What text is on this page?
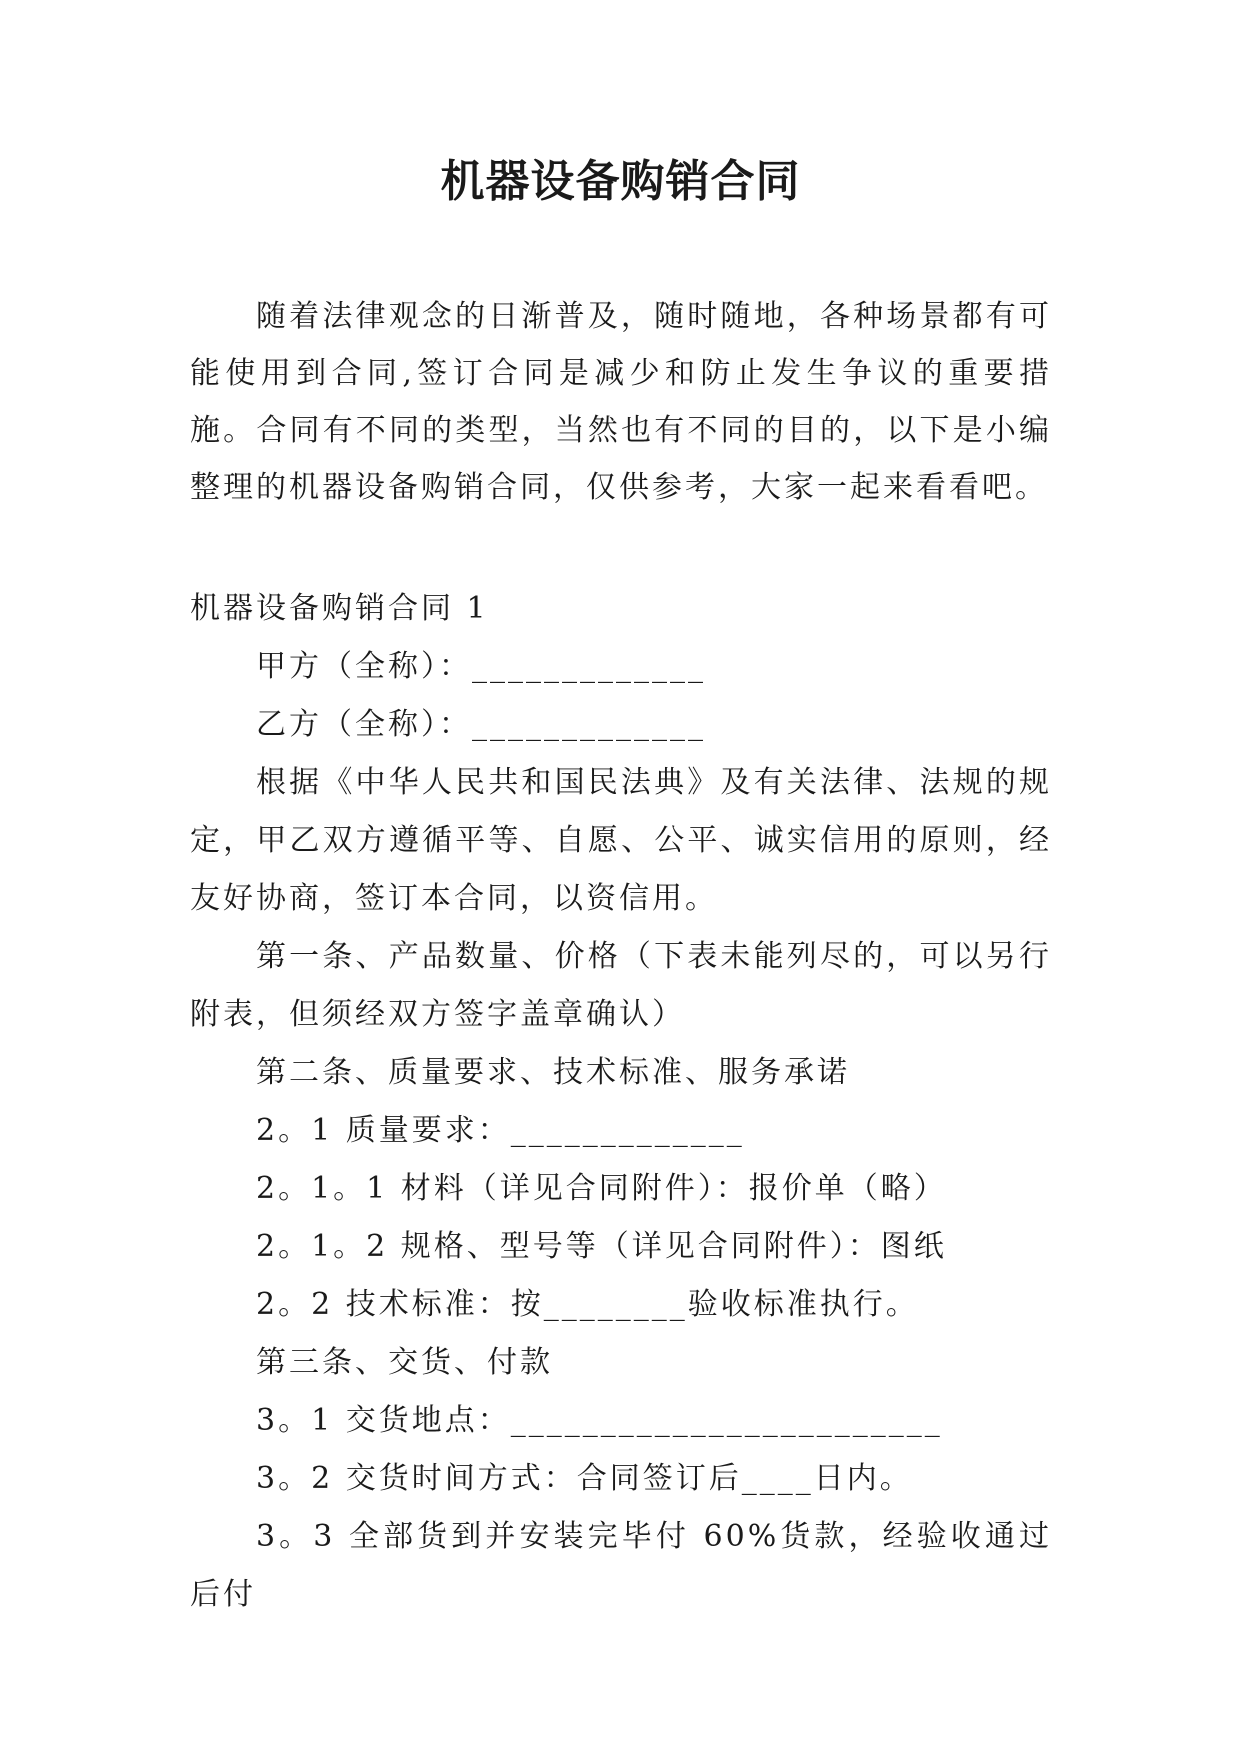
机器设备购销合同

随着法律观念的日渐普及，随时随地，各种场景都有可能使用到合同,签订合同是减少和防止发生争议的重要措施。合同有不同的类型，当然也有不同的目的，以下是小编整理的机器设备购销合同，仅供参考，大家一起来看看吧。

机器设备购销合同 1

甲方（全称）：_____________

乙方（全称）：_____________

根据《中华人民共和国民法典》及有关法律、法规的规定，甲乙双方遵循平等、自愿、公平、诚实信用的原则，经友好协商，签订本合同，以资信用。

第一条、产品数量、价格（下表未能列尽的，可以另行附表，但须经双方签字盖章确认）

第二条、质量要求、技术标准、服务承诺

2。1 质量要求：_____________

2。1。1 材料（详见合同附件）：报价单（略）

2。1。2 规格、型号等（详见合同附件）：图纸

2。2 技术标准：按________验收标准执行。

第三条、交货、付款

3。1 交货地点：________________________

3。2 交货时间方式：合同签订后____日内。

3。3 全部货到并安装完毕付 60%货款，经验收通过后付
